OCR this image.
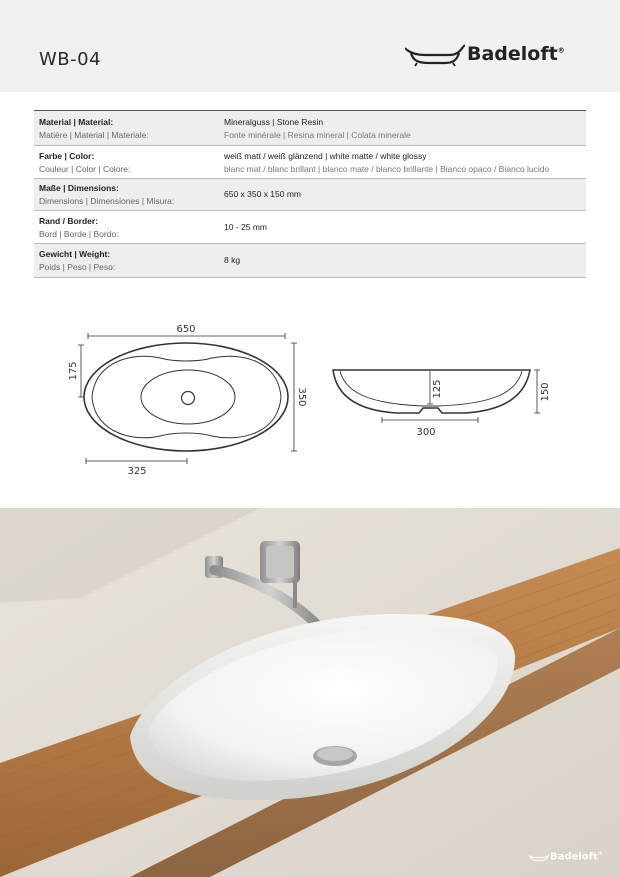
WB-04	Badeloft®
Material | Material:
Matière | Material | Materiale:
Mineralguss | Stone Resin
Fonte minérale | Resina mineral | Colata minerale
Farbe | Color:
Couleur | Color | Colore:
weiß matt / weiß glänzend | white matte / white glossy
blanc mat / blanc brillant | blanco mate / blanco brillante | Bianco opaco / Bianco lucido
Maße | Dimensions:
Dimensions | Dimensiones | Misura:
650 x 350 x 150 mm
Rand / Border:
Bord | Borde | Bordo:
10 - 25 mm
Gewicht | Weight:
Poids | Peso | Peso:
8 kg
650
325
175
350	125
300
150
Badeloft®
